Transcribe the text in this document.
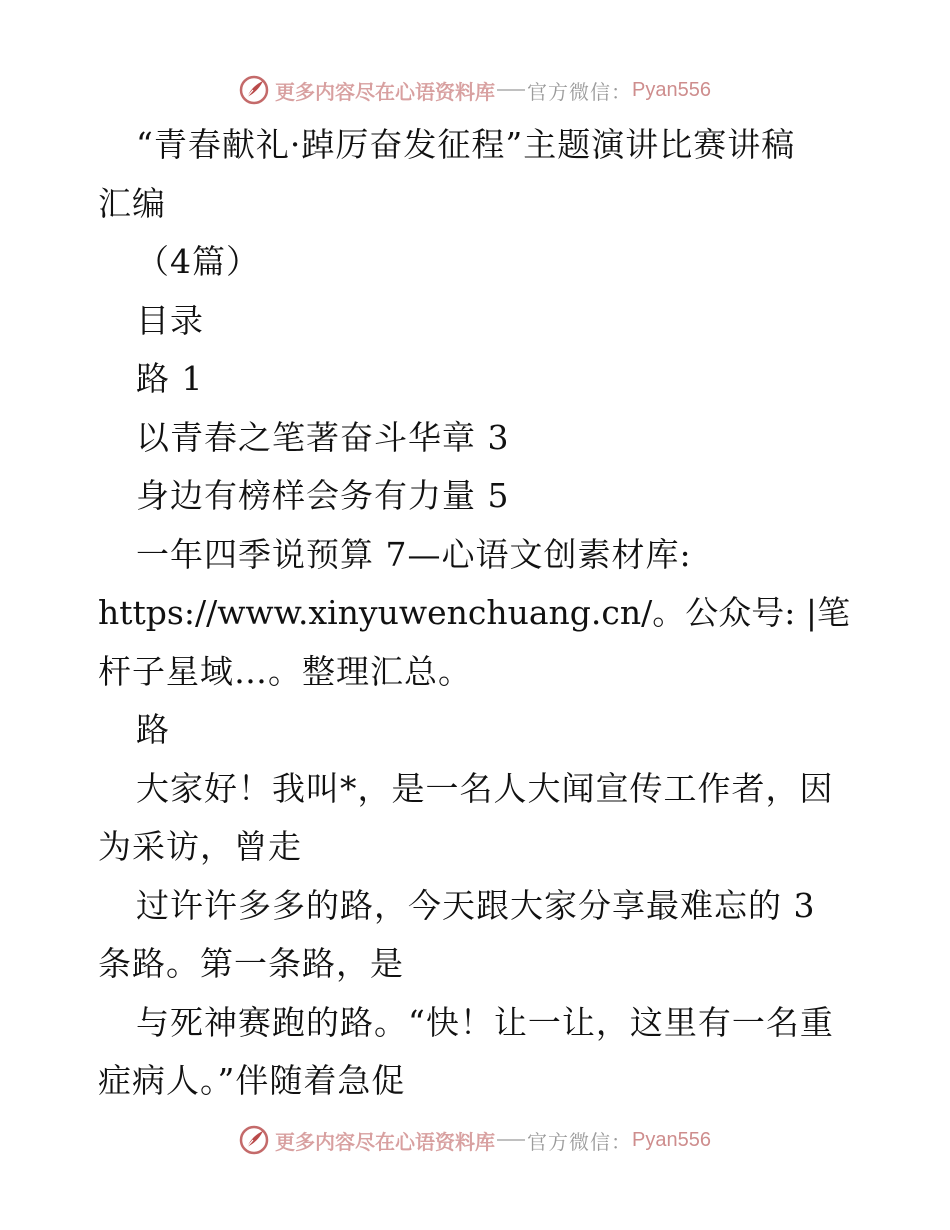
更多内容尽在心语资料库 官方微信： Pyan556
“青春献礼·踔厉奋发征程”主题演讲比赛讲稿
汇编
（4篇）
目录
路 1
以青春之笔著奋斗华章 3
身边有榜样会务有力量 5
一年四季说预算 7—心语文创素材库:
https://www.xinyuwenchuang.cn/。公众号: |笔
杆子星域…。整理汇总。
路
大家好！我叫*，是一名人大闻宣传工作者，因
为采访，曾走
过许许多多的路，今天跟大家分享最难忘的 3
条路。第一条路，是
与死神赛跑的路。“快！让一让，这里有一名重
症病人。”伴随着急促
更多内容尽在心语资料库 官方微信： Pyan556
